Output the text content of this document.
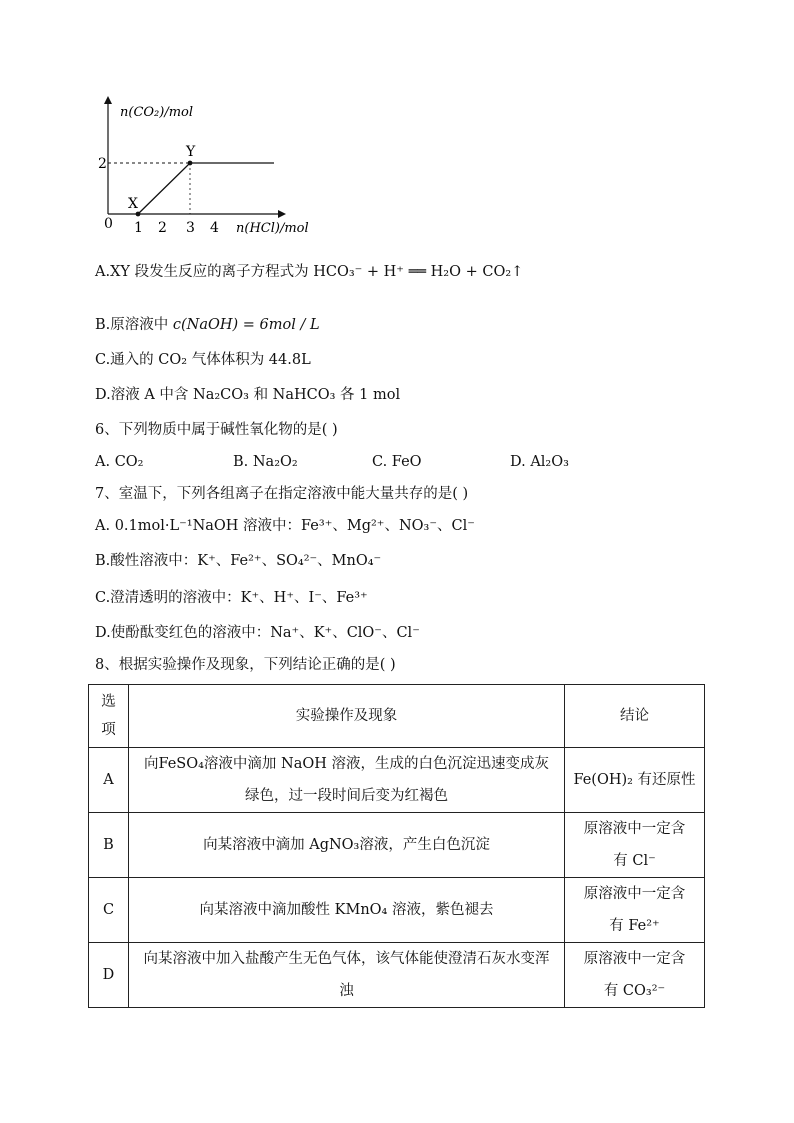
n(CO₂)/mol
2
0 1 2 3 4 n(HCl)/mol
X
Y
A.XY 段发生反应的离子方程式为 HCO₃⁻ + H⁺ ══ H₂O + CO₂↑
B.原溶液中 c(NaOH) = 6mol / L
C.通入的 CO₂ 气体体积为 44.8L
D.溶液 A 中含 Na₂CO₃ 和 NaHCO₃ 各 1 mol
6、下列物质中属于碱性氧化物的是( )
A. CO₂	B. Na₂O₂	C. FeO	D. Al₂O₃
7、室温下，下列各组离子在指定溶液中能大量共存的是( )
A. 0.1mol·L⁻¹NaOH 溶液中：Fe³⁺、Mg²⁺、NO₃⁻、Cl⁻
B.酸性溶液中：K⁺、Fe²⁺、SO₄²⁻、MnO₄⁻
C.澄清透明的溶液中：K⁺、H⁺、I⁻、Fe³⁺
D.使酚酞变红色的溶液中：Na⁺、K⁺、ClO⁻、Cl⁻
8、根据实验操作及现象，下列结论正确的是( )
选项	实验操作及现象	结论
A	向FeSO₄溶液中滴加 NaOH 溶液，生成的白色沉淀迅速变成灰绿色，过一段时间后变为红褐色	Fe(OH)₂ 有还原性
B	向某溶液中滴加 AgNO₃溶液，产生白色沉淀	原溶液中一定含有 Cl⁻
C	向某溶液中滴加酸性 KMnO₄ 溶液，紫色褪去	原溶液中一定含有 Fe²⁺
D	向某溶液中加入盐酸产生无色气体，该气体能使澄清石灰水变浑浊	原溶液中一定含有 CO₃²⁻
